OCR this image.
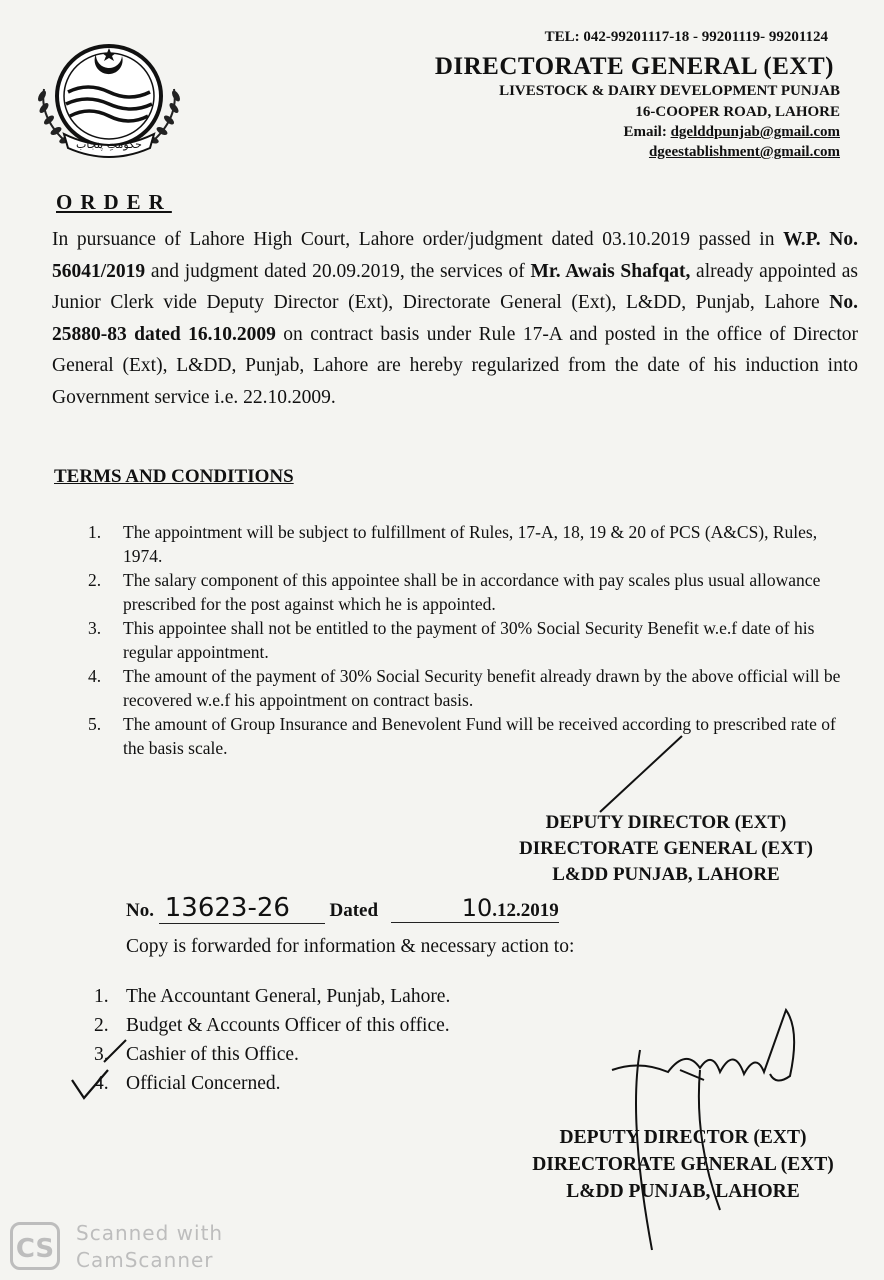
حکومتِ پنجاب
TEL: 042-99201117-18 - 99201119- 99201124
DIRECTORATE GENERAL (EXT)
LIVESTOCK & DAIRY DEVELOPMENT PUNJAB
16-COOPER ROAD, LAHORE
Email: dgelddpunjab@gmail.com
dgeestablishment@gmail.com
ORDER

In pursuance of Lahore High Court, Lahore order/judgment dated 03.10.2019 passed in W.P. No. 56041/2019 and judgment dated 20.09.2019, the services of Mr. Awais Shafqat, already appointed as Junior Clerk vide Deputy Director (Ext), Directorate General (Ext), L&DD, Punjab, Lahore No. 25880-83 dated 16.10.2009 on contract basis under Rule 17-A and posted in the office of Director General (Ext), L&DD, Punjab, Lahore are hereby regularized from the date of his induction into Government service i.e. 22.10.2009.

TERMS AND CONDITIONS
1.	The appointment will be subject to fulfillment of Rules, 17-A, 18, 19 & 20 of PCS (A&CS), Rules, 1974.
2.	The salary component of this appointee shall be in accordance with pay scales plus usual allowance prescribed for the post against which he is appointed.
3.	This appointee shall not be entitled to the payment of 30% Social Security Benefit w.e.f date of his regular appointment.
4.	The amount of the payment of 30% Social Security benefit already drawn by the above official will be recovered w.e.f his appointment on contract basis.
5.	The amount of Group Insurance and Benevolent Fund will be received according to prescribed rate of the basis scale.
DEPUTY DIRECTOR (EXT)
DIRECTORATE GENERAL (EXT)
L&DD PUNJAB, LAHORE
No. 13623-26 Dated	10.12.2019
Copy is forwarded for information & necessary action to:
1. The Accountant General, Punjab, Lahore.
2. Budget & Accounts Officer of this office.
3. Cashier of this Office.
4. Official Concerned.
DEPUTY DIRECTOR (EXT)
DIRECTORATE GENERAL (EXT)
L&DD PUNJAB, LAHORE
CS
Scanned with
CamScanner
